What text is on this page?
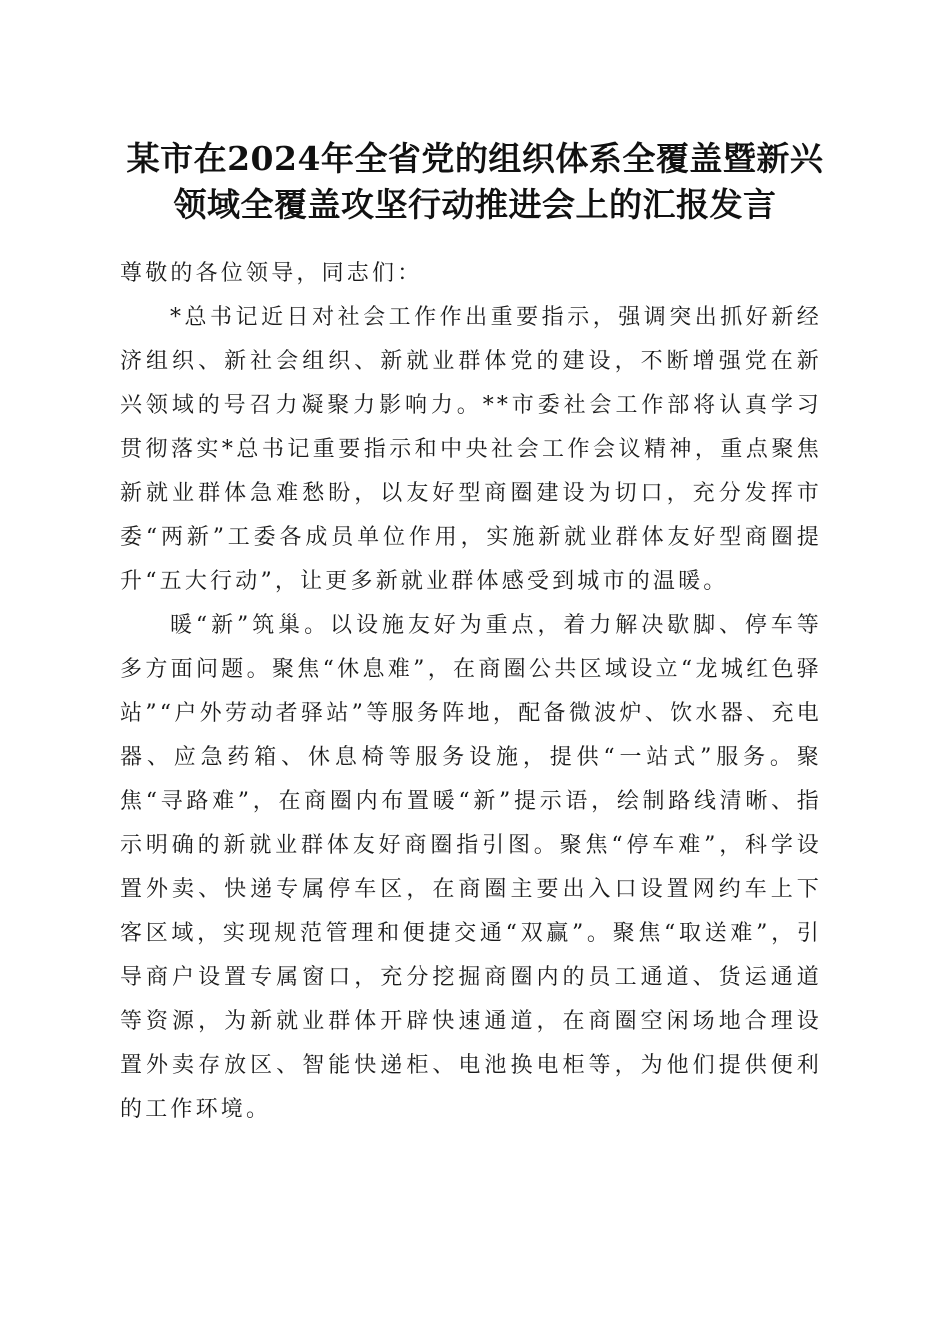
某市在2024年全省党的组织体系全覆盖暨新兴领域全覆盖攻坚行动推进会上的汇报发言

尊敬的各位领导，同志们：

*总书记近日对社会工作作出重要指示，强调突出抓好新经济组织、新社会组织、新就业群体党的建设，不断增强党在新兴领域的号召力凝聚力影响力。**市委社会工作部将认真学习贯彻落实*总书记重要指示和中央社会工作会议精神，重点聚焦新就业群体急难愁盼，以友好型商圈建设为切口，充分发挥市委“两新”工委各成员单位作用，实施新就业群体友好型商圈提升“五大行动”，让更多新就业群体感受到城市的温暖。

暖“新”筑巢。以设施友好为重点，着力解决歇脚、停车等多方面问题。聚焦“休息难”，在商圈公共区域设立“龙城红色驿站”“户外劳动者驿站”等服务阵地，配备微波炉、饮水器、充电器、应急药箱、休息椅等服务设施，提供“一站式”服务。聚焦“寻路难”，在商圈内布置暖“新”提示语，绘制路线清晰、指示明确的新就业群体友好商圈指引图。聚焦“停车难”，科学设置外卖、快递专属停车区，在商圈主要出入口设置网约车上下客区域，实现规范管理和便捷交通“双赢”。聚焦“取送难”，引导商户设置专属窗口，充分挖掘商圈内的员工通道、货运通道等资源，为新就业群体开辟快速通道，在商圈空闲场地合理设置外卖存放区、智能快递柜、电池换电柜等，为他们提供便利的工作环境。
